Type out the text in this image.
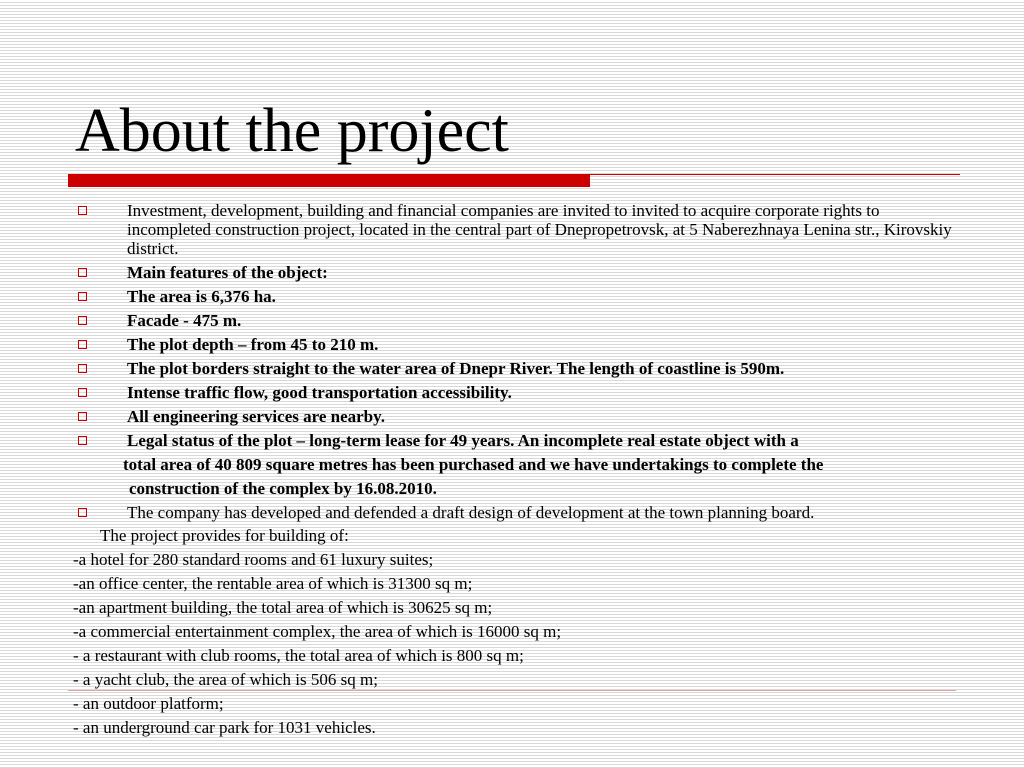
About the project
Investment, development, building and financial companies are invited to invited to acquire corporate rights to incompleted construction project, located in the central part of Dnepropetrovsk, at 5 Naberezhnaya Lenina str., Kirovskiy district.
Main features of the object:
The area is 6,376 ha.
Facade - 475 m.
The plot depth – from 45 to 210 m.
The plot borders straight to the water area of Dnepr River. The length of coastline is 590m.
Intense traffic flow, good transportation accessibility.
All engineering services are nearby.
Legal status of the plot – long-term lease for 49 years. An incomplete real estate object with a
total area of 40 809 square metres has been purchased and we have undertakings to complete the
construction of the complex by 16.08.2010.
The company has developed and defended a draft design of development at the town planning board.
The project provides for building of:
-a hotel for 280 standard rooms and 61 luxury suites;
-an office center, the rentable area of which is 31300 sq m;
-an apartment building, the total area of which is 30625 sq m;
-a commercial entertainment complex, the area of which is 16000 sq m;
- a restaurant with club rooms, the total area of which is 800 sq m;
- a yacht club, the area of which is 506 sq m;
- an outdoor platform;
- an underground car park for 1031 vehicles.
